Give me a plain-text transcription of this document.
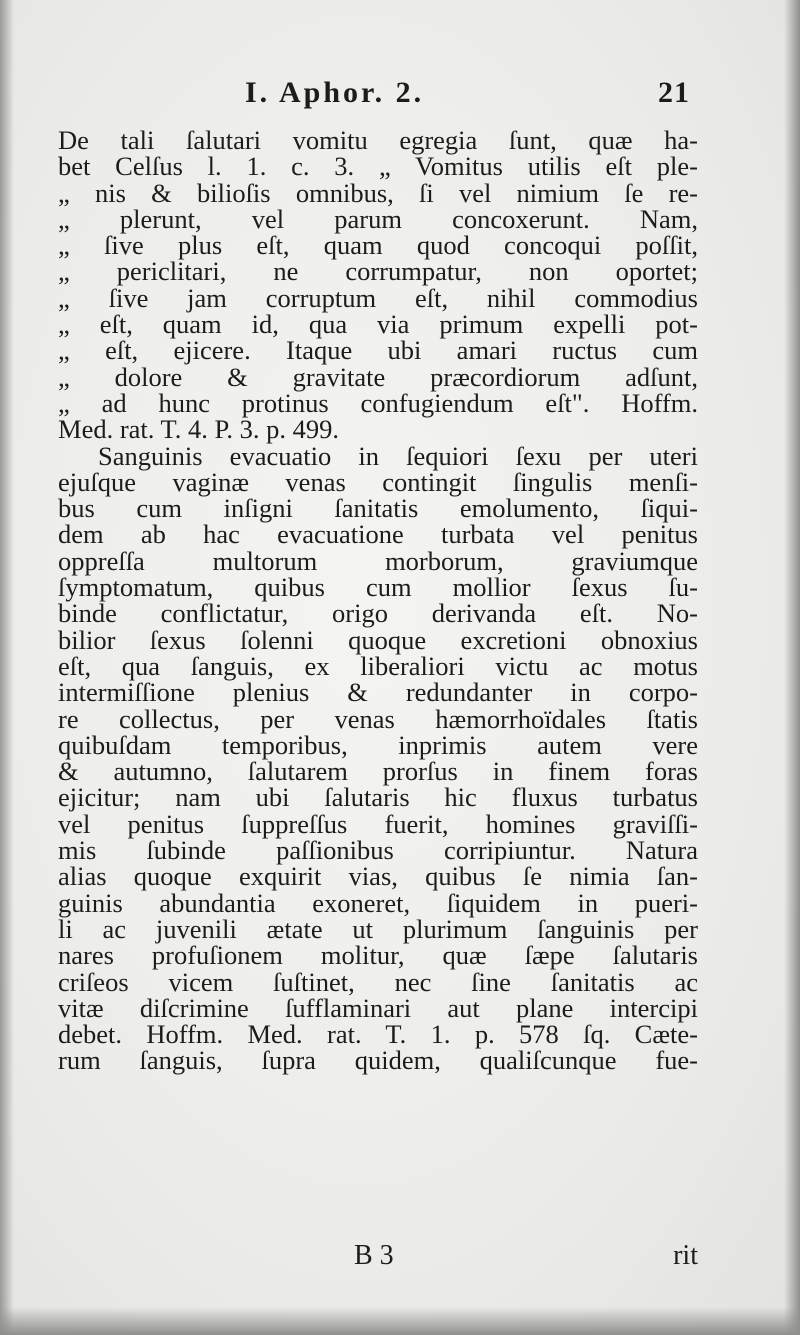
I. Aphor. 2.	21
De tali ſalutari vomitu egregia ſunt, quæ ha-
bet Celſus l. 1. c. 3. „ Vomitus utilis eſt ple-
„ nis & bilioſis omnibus, ſi vel nimium ſe re-
„ plerunt, vel parum concoxerunt. Nam,
„ ſive plus eſt, quam quod concoqui poſſit,
„ periclitari, ne corrumpatur, non oportet;
„ ſive jam corruptum eſt, nihil commodius
„ eſt, quam id, qua via primum expelli pot-
„ eſt, ejicere. Itaque ubi amari ructus cum
„ dolore & gravitate præcordiorum adſunt,
„ ad hunc protinus confugiendum eſt". Hoffm.
Med. rat. T. 4. P. 3. p. 499.
Sanguinis evacuatio in ſequiori ſexu per uteri
ejuſque vaginæ venas contingit ſingulis menſi-
bus cum inſigni ſanitatis emolumento, ſiqui-
dem ab hac evacuatione turbata vel penitus
oppreſſa multorum morborum, graviumque
ſymptomatum, quibus cum mollior ſexus ſu-
binde conflictatur, origo derivanda eſt. No-
bilior ſexus ſolenni quoque excretioni obnoxius
eſt, qua ſanguis, ex liberaliori victu ac motus
intermiſſione plenius & redundanter in corpo-
re collectus, per venas hæmorrhoïdales ſtatis
quibuſdam temporibus, inprimis autem vere
& autumno, ſalutarem prorſus in finem foras
ejicitur; nam ubi ſalutaris hic fluxus turbatus
vel penitus ſuppreſſus fuerit, homines graviſſi-
mis ſubinde paſſionibus corripiuntur. Natura
alias quoque exquirit vias, quibus ſe nimia ſan-
guinis abundantia exoneret, ſiquidem in pueri-
li ac juvenili ætate ut plurimum ſanguinis per
nares profuſionem molitur, quæ ſæpe ſalutaris
criſeos vicem ſuſtinet, nec ſine ſanitatis ac
vitæ diſcrimine ſufflaminari aut plane intercipi
debet. Hoffm. Med. rat. T. 1. p. 578 ſq. Cæte-
rum ſanguis, ſupra quidem, qualiſcunque fue-
B 3	rit
